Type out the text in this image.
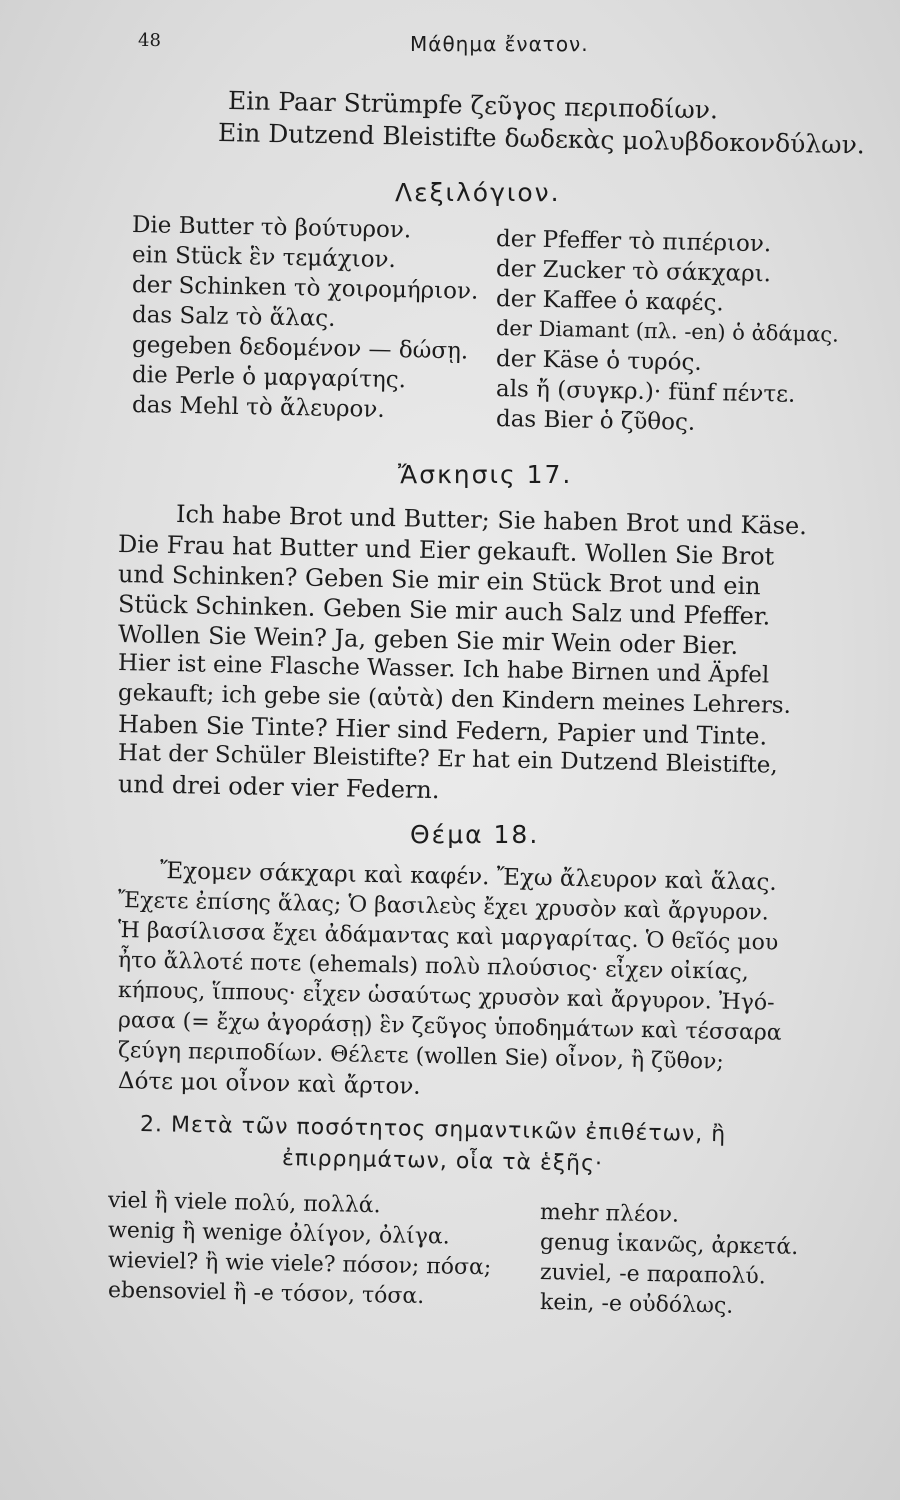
48	Μάθημα ἔνατον.
Ein Paar Strümpfe ζεῦγος περιποδίων.
Ein Dutzend Bleistifte δωδεκὰς μολυβδοκονδύλων.
Λεξιλόγιον.
Die Butter τὸ βούτυρον.
ein Stück ἓν τεμάχιον.
der Schinken τὸ χοιρομήριον.
das Salz τὸ ἅλας.
gegeben δεδομένον — δώσῃ.
die Perle ὁ μαργαρίτης.
das Mehl τὸ ἄλευρον.
der Pfeffer τὸ πιπέριον.
der Zucker τὸ σάκχαρι.
der Kaffee ὁ καφές.
der Diamant (πλ. -en) ὁ ἀδάμας.
der Käse ὁ τυρός.
als ἤ (συγκρ.)· fünf πέντε.
das Bier ὁ ζῦθος.
Ἄσκησις 17.
Ich habe Brot und Butter; Sie haben Brot und Käse.
Die Frau hat Butter und Eier gekauft. Wollen Sie Brot
und Schinken? Geben Sie mir ein Stück Brot und ein
Stück Schinken. Geben Sie mir auch Salz und Pfeffer.
Wollen Sie Wein? Ja, geben Sie mir Wein oder Bier.
Hier ist eine Flasche Wasser. Ich habe Birnen und Äpfel
gekauft; ich gebe sie (αὐτὰ) den Kindern meines Lehrers.
Haben Sie Tinte? Hier sind Federn, Papier und Tinte.
Hat der Schüler Bleistifte? Er hat ein Dutzend Bleistifte,
und drei oder vier Federn.
Θέμα 18.
Ἔχομεν σάκχαρι καὶ καφέν. Ἔχω ἄλευρον καὶ ἅλας.
Ἔχετε ἐπίσης ἅλας; Ὁ βασιλεὺς ἔχει χρυσὸν καὶ ἄργυρον.
Ἡ βασίλισσα ἔχει ἀδάμαντας καὶ μαργαρίτας. Ὁ θεῖός μου
ἦτο ἄλλοτέ ποτε (ehemals) πολὺ πλούσιος· εἶχεν οἰκίας,
κήπους, ἵππους· εἶχεν ὡσαύτως χρυσὸν καὶ ἄργυρον. Ἠγό-
ρασα (= ἔχω ἀγοράσῃ) ἓν ζεῦγος ὑποδημάτων καὶ τέσσαρα
ζεύγη περιποδίων. Θέλετε (wollen Sie) οἶνον, ἢ ζῦθον;
Δότε μοι οἶνον καὶ ἄρτον.
2. Μετὰ τῶν ποσότητος σημαντικῶν ἐπιθέτων, ἢ
ἐπιρρημάτων, οἷα τὰ ἑξῆς·
viel ἢ viele πολύ, πολλά.
wenig ἢ wenige ὀλίγον, ὀλίγα.
wieviel? ἢ wie viele? πόσον; πόσα;
ebensoviel ἢ -e τόσον, τόσα.
mehr πλέον.
genug ἱκανῶς, ἀρκετά.
zuviel, -e παραπολύ.
kein, -e οὐδόλως.
